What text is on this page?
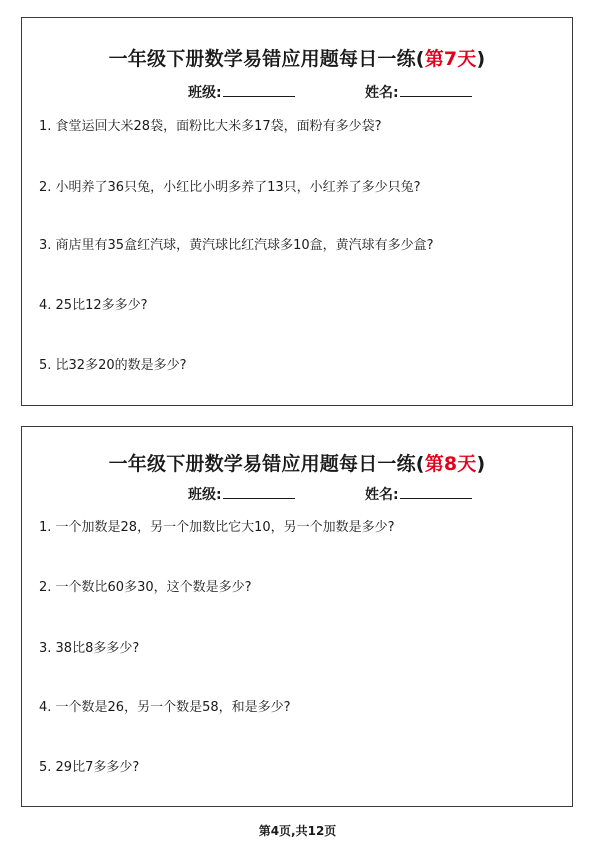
一年级下册数学易错应用题每日一练(第7天)
班级:	姓名:
1. 食堂运回大米28袋，面粉比大米多17袋，面粉有多少袋?
2. 小明养了36只兔，小红比小明多养了13只，小红养了多少只兔?
3. 商店里有35盒红汽球，黄汽球比红汽球多10盒，黄汽球有多少盒?
4. 25比12多多少?
5. 比32多20的数是多少?
一年级下册数学易错应用题每日一练(第8天)
班级:	姓名:
1. 一个加数是28，另一个加数比它大10，另一个加数是多少?
2. 一个数比60多30，这个数是多少?
3. 38比8多多少?
4. 一个数是26，另一个数是58，和是多少?
5. 29比7多多少?
第4页,共12页
